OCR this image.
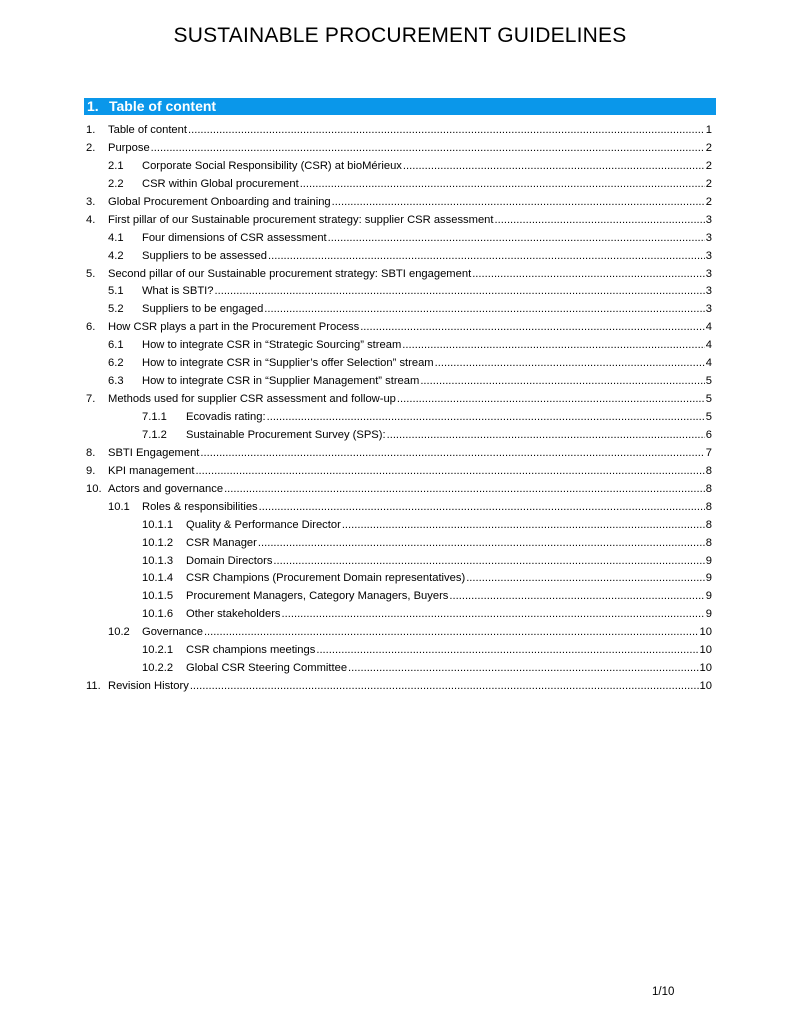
SUSTAINABLE PROCUREMENT GUIDELINES
1. Table of content
1. Table of content .....	1
2. Purpose .....	2
2.1 Corporate Social Responsibility (CSR) at bioMérieux .....	2
2.2 CSR within Global procurement .....	2
3. Global Procurement Onboarding and training .....	2
4. First pillar of our Sustainable procurement strategy: supplier CSR assessment .....	3
4.1 Four dimensions of CSR assessment .....	3
4.2 Suppliers to be assessed .....	3
5. Second pillar of our Sustainable procurement strategy: SBTI engagement .....	3
5.1 What is SBTI? .....	3
5.2 Suppliers to be engaged .....	3
6. How CSR plays a part in the Procurement Process .....	4
6.1 How to integrate CSR in “Strategic Sourcing” stream .....	4
6.2 How to integrate CSR in “Supplier’s offer Selection” stream .....	4
6.3 How to integrate CSR in “Supplier Management” stream .....	5
7. Methods used for supplier CSR assessment and follow-up .....	5
7.1.1 Ecovadis rating: .....	5
7.1.2 Sustainable Procurement Survey (SPS): .....	6
8. SBTI Engagement .....	7
9. KPI management .....	8
10. Actors and governance .....	8
10.1 Roles & responsibilities .....	8
10.1.1 Quality & Performance Director .....	8
10.1.2 CSR Manager .....	8
10.1.3 Domain Directors .....	9
10.1.4 CSR Champions (Procurement Domain representatives) .....	9
10.1.5 Procurement Managers, Category Managers, Buyers .....	9
10.1.6 Other stakeholders .....	9
10.2 Governance .....	10
10.2.1 CSR champions meetings .....	10
10.2.2 Global CSR Steering Committee .....	10
11. Revision History .....	10
1/10
